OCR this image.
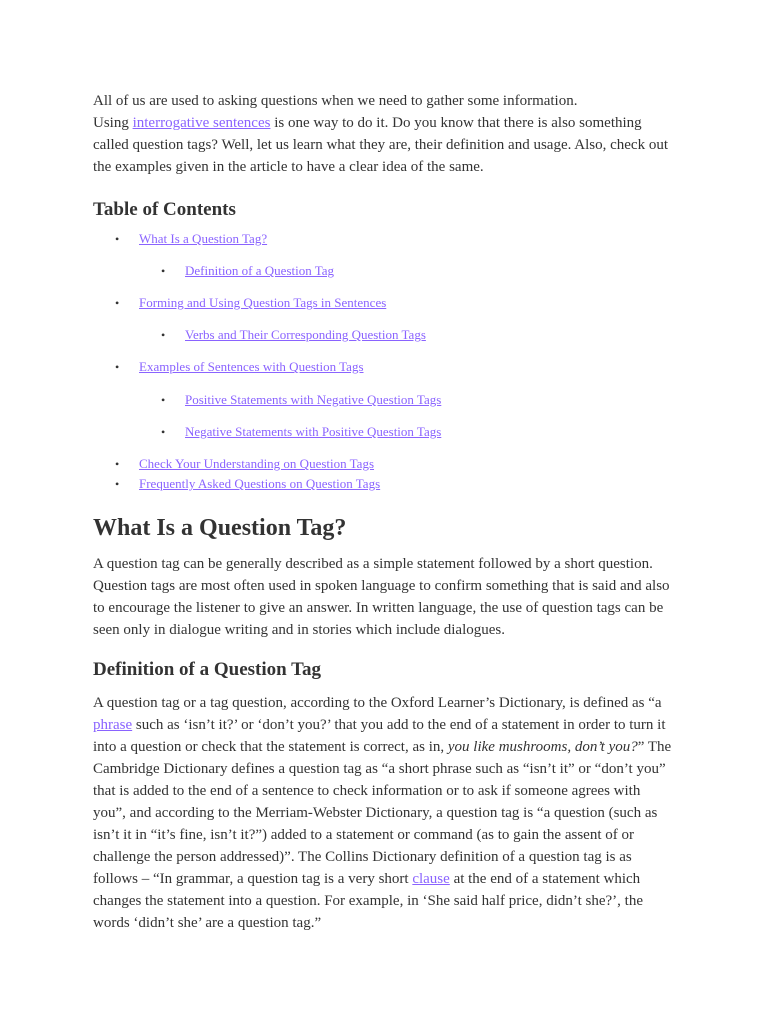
All of us are used to asking questions when we need to gather some information.
Using interrogative sentences is one way to do it. Do you know that there is also something called question tags? Well, let us learn what they are, their definition and usage. Also, check out the examples given in the article to have a clear idea of the same.

Table of Contents
• What Is a Question Tag?
• Definition of a Question Tag
• Forming and Using Question Tags in Sentences
• Verbs and Their Corresponding Question Tags
• Examples of Sentences with Question Tags
• Positive Statements with Negative Question Tags
• Negative Statements with Positive Question Tags
• Check Your Understanding on Question Tags
• Frequently Asked Questions on Question Tags
What Is a Question Tag?

A question tag can be generally described as a simple statement followed by a short question. Question tags are most often used in spoken language to confirm something that is said and also to encourage the listener to give an answer. In written language, the use of question tags can be seen only in dialogue writing and in stories which include dialogues.

Definition of a Question Tag

A question tag or a tag question, according to the Oxford Learner’s Dictionary, is defined as “a phrase such as ‘isn’t it?’ or ‘don’t you?’ that you add to the end of a statement in order to turn it into a question or check that the statement is correct, as in, you like mushrooms, don’t you?” The Cambridge Dictionary defines a question tag as “a short phrase such as “isn’t it” or “don’t you” that is added to the end of a sentence to check information or to ask if someone agrees with you”, and according to the Merriam-Webster Dictionary, a question tag is “a question (such as isn’t it in “it’s fine, isn’t it?”) added to a statement or command (as to gain the assent of or challenge the person addressed)”. The Collins Dictionary definition of a question tag is as follows – “In grammar, a question tag is a very short clause at the end of a statement which changes the statement into a question. For example, in ‘She said half price, didn’t she?’, the words ‘didn’t she’ are a question tag.”
